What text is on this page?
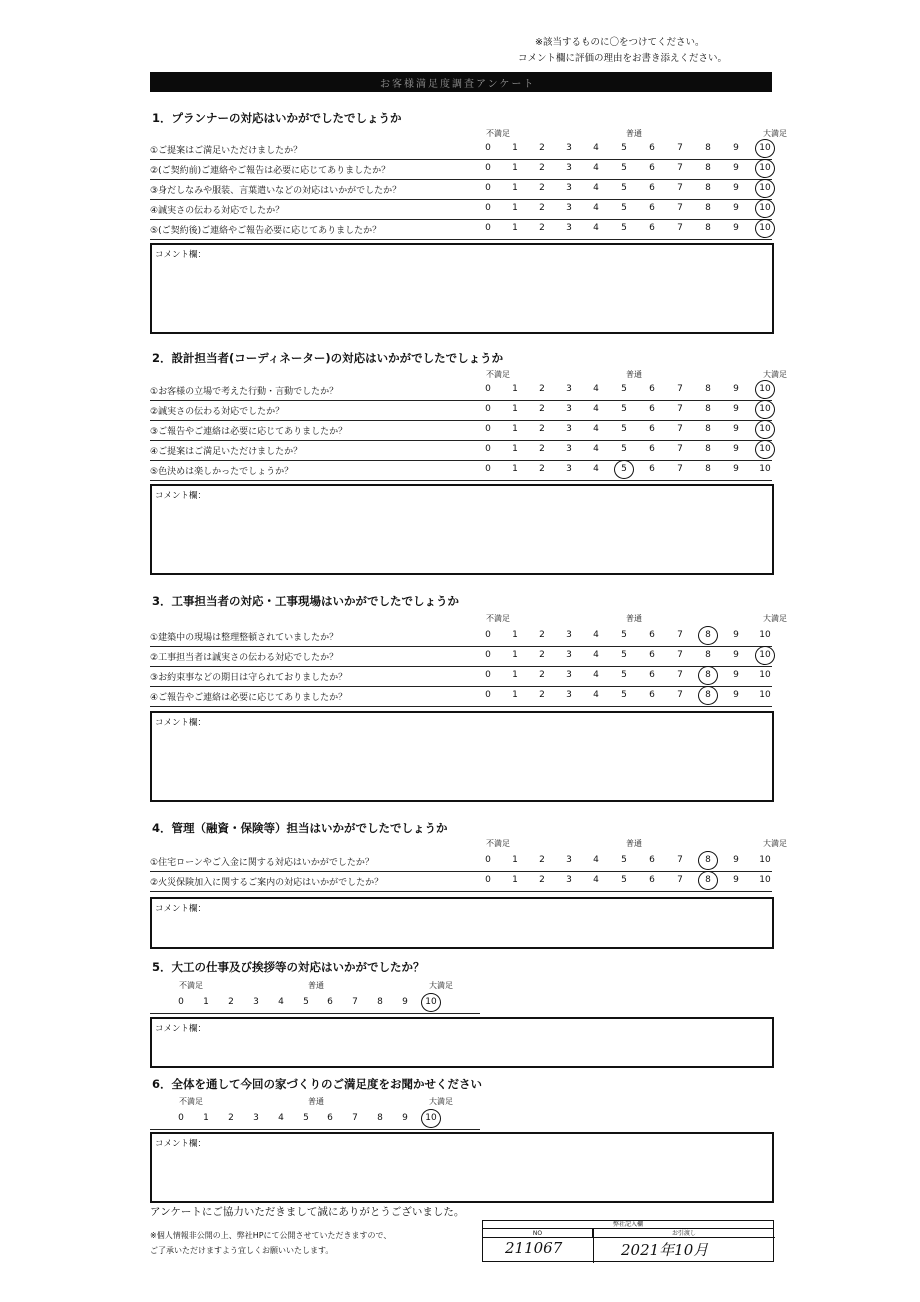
※該当するものに〇をつけてください。
コメント欄に評価の理由をお書き添えください。
お客様満足度調査アンケート
1．プランナーの対応はいかがでしたでしょうか
不満足	普通	大満足
①ご提案はご満足いただけましたか？	0	1	2	3	4	5	6	7	8	9	10
②(ご契約前)ご連絡やご報告は必要に応じてありましたか？	0	1	2	3	4	5	6	7	8	9	10
③身だしなみや服装、言葉遣いなどの対応はいかがでしたか？	0	1	2	3	4	5	6	7	8	9	10
④誠実さの伝わる対応でしたか？	0	1	2	3	4	5	6	7	8	9	10
⑤(ご契約後)ご連絡やご報告必要に応じてありましたか？	0	1	2	3	4	5	6	7	8	9	10
コメント欄：
2．設計担当者(コーディネーター)の対応はいかがでしたでしょうか
不満足	普通	大満足
①お客様の立場で考えた行動・言動でしたか？	0	1	2	3	4	5	6	7	8	9	10
②誠実さの伝わる対応でしたか？	0	1	2	3	4	5	6	7	8	9	10
③ご報告やご連絡は必要に応じてありましたか？	0	1	2	3	4	5	6	7	8	9	10
④ご提案はご満足いただけましたか？	0	1	2	3	4	5	6	7	8	9	10
⑤色決めは楽しかったでしょうか？	0	1	2	3	4	5	6	7	8	9	10
コメント欄：
3．工事担当者の対応・工事現場はいかがでしたでしょうか
不満足	普通	大満足
①建築中の現場は整理整頓されていましたか？	0	1	2	3	4	5	6	7	8	9	10
②工事担当者は誠実さの伝わる対応でしたか？	0	1	2	3	4	5	6	7	8	9	10
③お約束事などの期日は守られておりましたか？	0	1	2	3	4	5	6	7	8	9	10
④ご報告やご連絡は必要に応じてありましたか？	0	1	2	3	4	5	6	7	8	9	10
コメント欄：
4．管理（融資・保険等）担当はいかがでしたでしょうか
不満足	普通	大満足
①住宅ローンやご入金に関する対応はいかがでしたか？	0	1	2	3	4	5	6	7	8	9	10
②火災保険加入に関するご案内の対応はいかがでしたか？	0	1	2	3	4	5	6	7	8	9	10
コメント欄：
5．大工の仕事及び挨拶等の対応はいかがでしたか？
不満足	普通	大満足
0	1	2	3	4	5	6	7	8	9	10
コメント欄：
6．全体を通して今回の家づくりのご満足度をお聞かせください
不満足	普通	大満足
0	1	2	3	4	5	6	7	8	9	10
コメント欄：
アンケートにご協力いただきまして誠にありがとうございました。
※個人情報非公開の上、弊社HPにて公開させていただきますので、
ご了承いただけますよう宜しくお願いいたします。
弊社記入欄
NO	お引渡し
211067	2021年10月
